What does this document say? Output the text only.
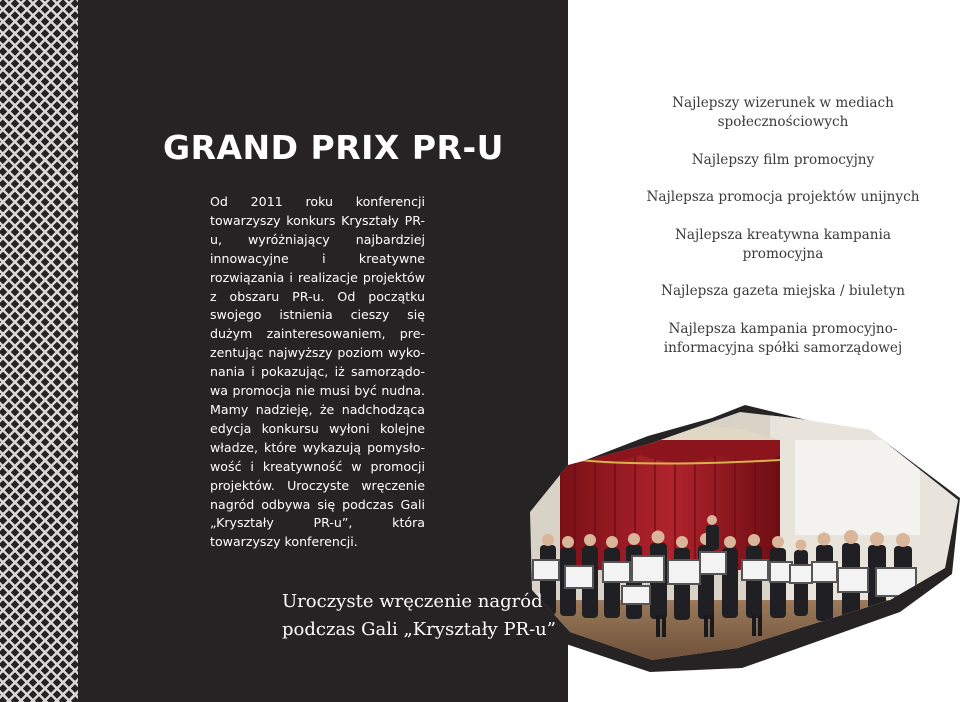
GRAND PRIX PR-U

Od 2011 roku konferencji towarzyszy konkurs Kryształy PR-u, wyróżniający najbardziej innowacyjne i kreatywne rozwiązania i realizacje projektów z obszaru PR-u. Od początku swojego istnienia cieszy się dużym zainteresowaniem, prezentując najwyższy poziom wykonania i pokazując, iż samorządowa promocja nie musi być nudna. Mamy nadzieję, że nadchodząca edycja konkursu wyłoni kolejne władze, które wykazują pomysłowość i kreatywność w promocji projektów. Uroczyste wręczenie nagród odbywa się podczas Gali „Kryształy PR-u”, która towarzyszy konferencji.

Najlepszy wizerunek w mediach społecznościowych
Najlepszy film promocyjny
Najlepsza promocja projektów unijnych
Najlepsza kreatywna kampania promocyjna
Najlepsza gazeta miejska / biuletyn
Najlepsza kampania promocyjno-informacyjna spółki samorządowej
Uroczyste wręczenie nagród
podczas Gali „Kryształy PR-u”
